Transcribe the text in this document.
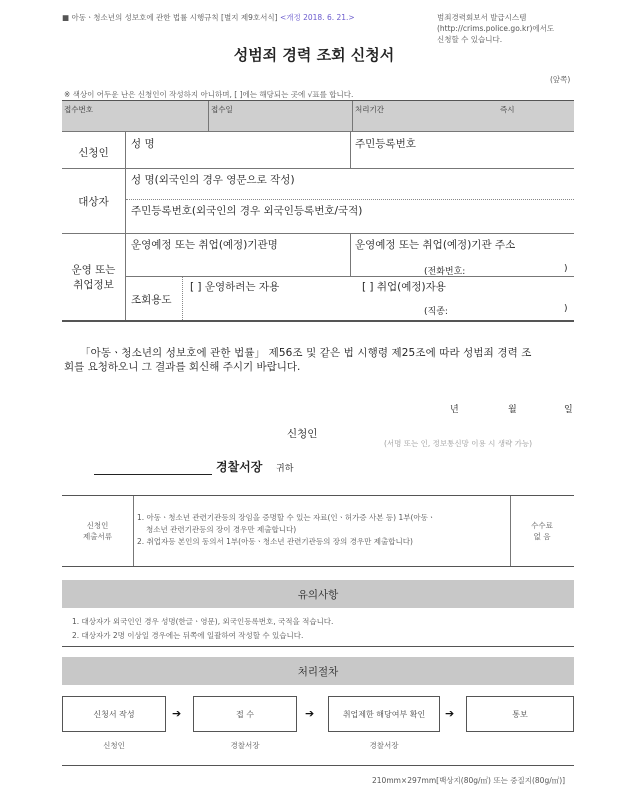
■ 아동ㆍ청소년의 성보호에 관한 법률 시행규칙 [별지 제9호서식] <개정 2018. 6. 21.>	범죄경력회보서 발급시스템
(http://crims.police.go.kr)에서도
신청할 수 있습니다.
성범죄 경력 조회 신청서
(앞쪽)
※ 색상이 어두운 난은 신청인이 작성하지 아니하며, [ ]에는 해당되는 곳에 √표를 합니다.
접수번호	접수일	처리기간	즉시
신청인
성 명	주민등록번호
대상자
성 명(외국인의 경우 영문으로 작성)
주민등록번호(외국인의 경우 외국인등록번호/국적)
운영 또는
취업정보
운영예정 또는 취업(예정)기관명	운영예정 또는 취업(예정)기관 주소
(전화번호:	)
조회용도
[ ] 운영하려는 자용	[ ] 취업(예정)자용
(직종:	)
「아동ㆍ청소년의 성보호에 관한 법률」 제56조 및 같은 법 시행령 제25조에 따라 성범죄 경력 조
회를 요청하오니 그 결과를 회신해 주시기 바랍니다.
년	월	일
신청인
(서명 또는 인, 정보통신망 이용 시 생략 가능)
경찰서장 귀하
신청인
제출서류
1. 아동ㆍ청소년 관련기관등의 장임을 증명할 수 있는 자료(인ㆍ허가증 사본 등) 1부(아동ㆍ
청소년 관련기관등의 장이 경우만 제출합니다)
2. 취업자등 본인의 동의서 1부(아동ㆍ청소년 관련기관등의 장의 경우만 제출합니다)
수수료
없 음
유의사항
1. 대상자가 외국인인 경우 성명(한글ㆍ영문), 외국인등록번호, 국적을 적습니다.
2. 대상자가 2명 이상일 경우에는 뒤쪽에 일괄하여 작성할 수 있습니다.
처리절차
신청서 작성	➔	접 수	➔	취업제한 해당여부 확인	➔	통보
신청인	경찰서장	경찰서장
210mm×297mm[백상지(80g/㎡) 또는 중질지(80g/㎡)]
